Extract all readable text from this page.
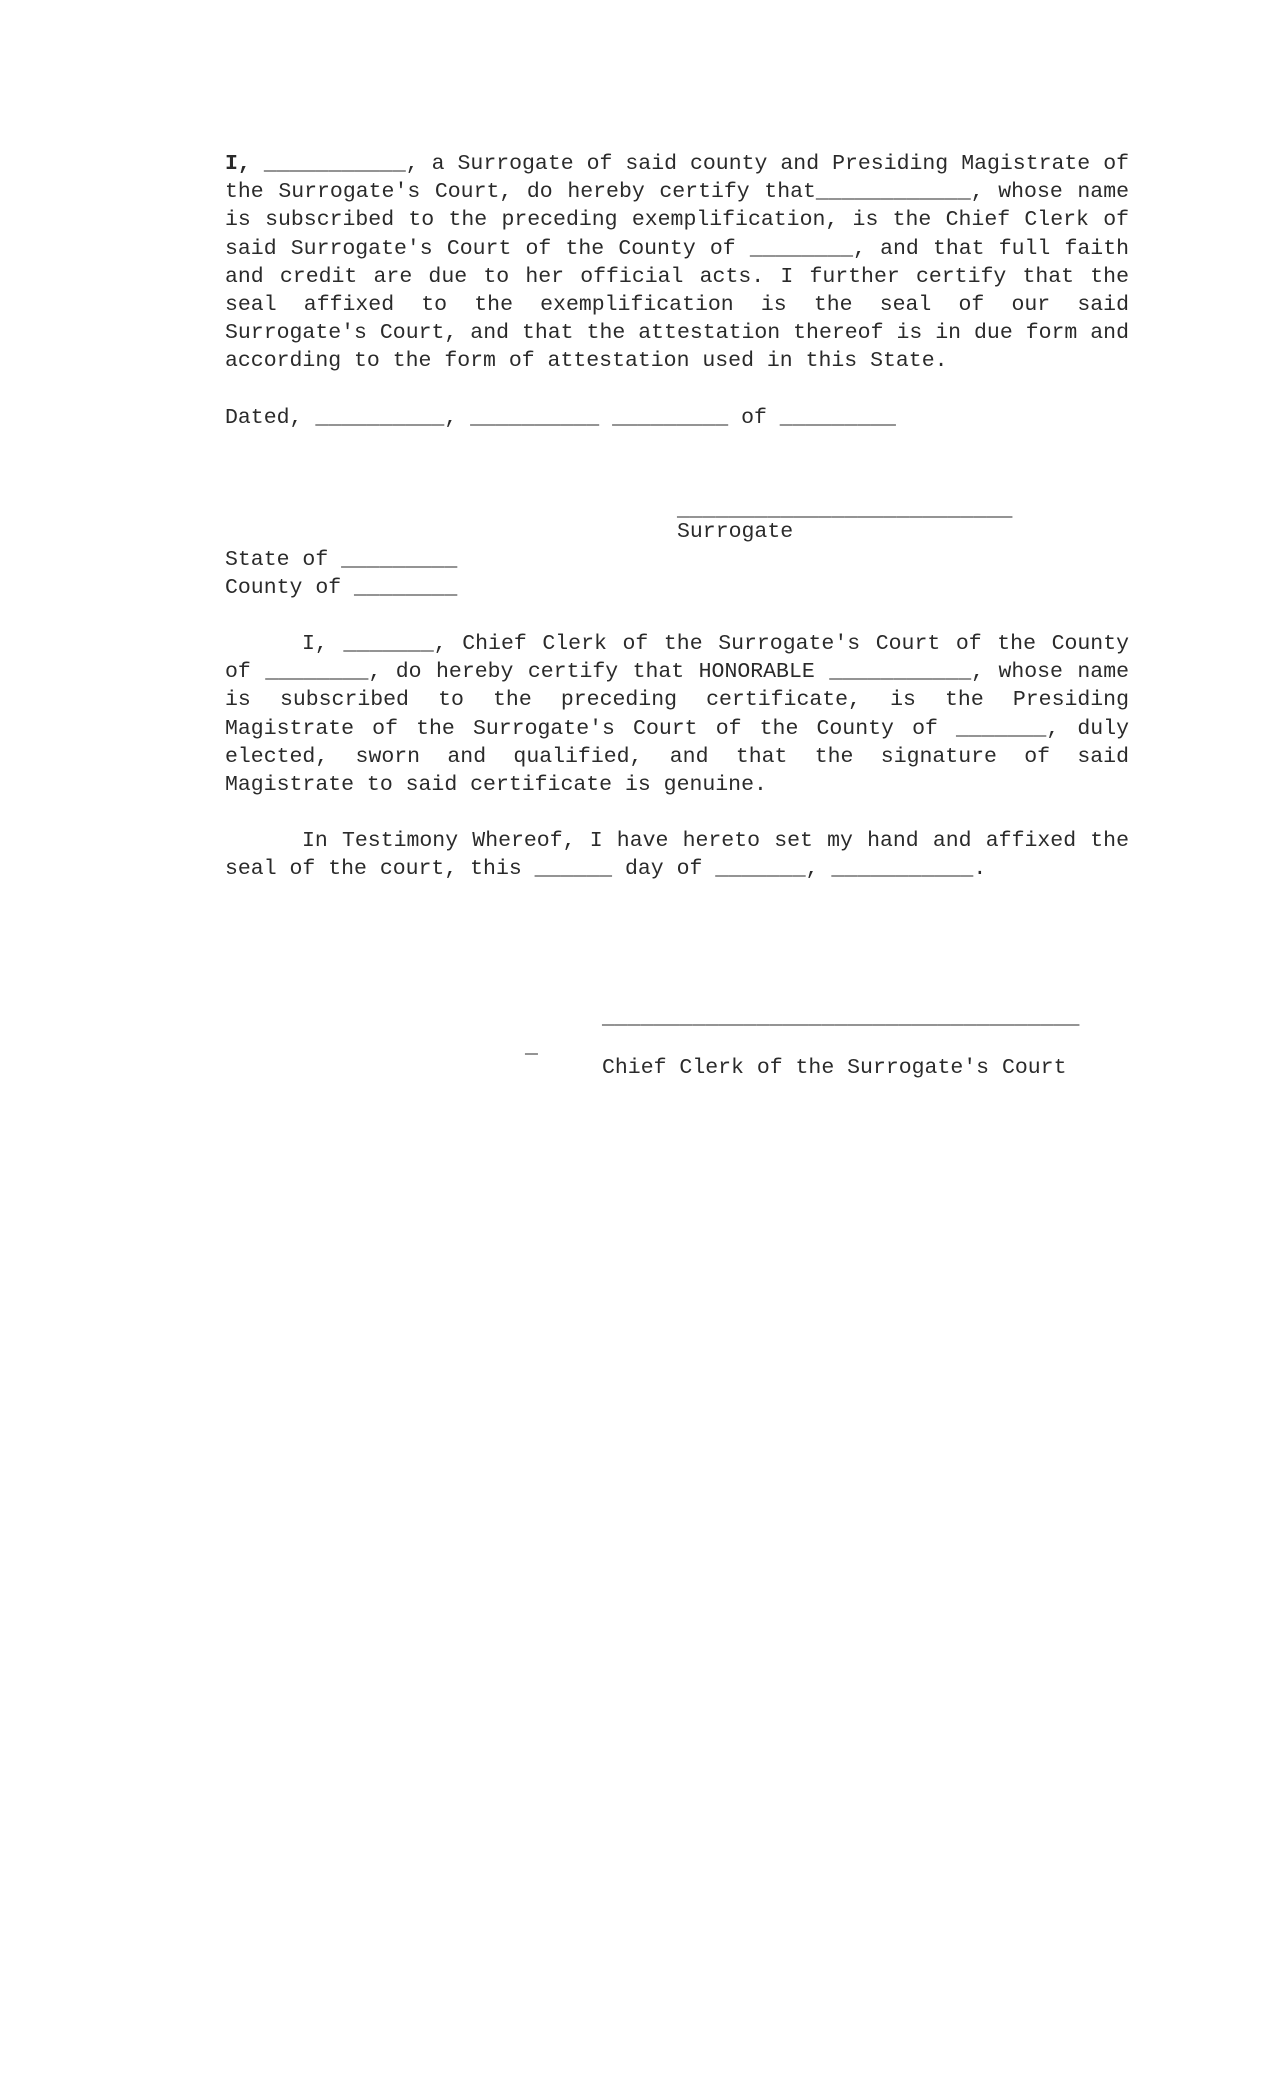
I, ___________, a Surrogate of said county and Presiding Magistrate of the Surrogate's Court, do hereby certify that____________, whose name is subscribed to the preceding exemplification, is the Chief Clerk of said Surrogate's Court of the County of ________, and that full faith and credit are due to her official acts. I further certify that the seal affixed to the exemplification is the seal of our said Surrogate's Court, and that the attestation thereof is in due form and according to the form of attestation used in this State.

Dated, __________, __________ _________ of _________
__________________________
Surrogate
State of _________
County of ________

I, _______, Chief Clerk of the Surrogate's Court of the County of ________, do hereby certify that HONORABLE ___________, whose name is subscribed to the preceding certificate, is the Presiding Magistrate of the Surrogate's Court of the County of _______, duly elected, sworn and qualified, and that the signature of said Magistrate to said certificate is genuine.

In Testimony Whereof, I have hereto set my hand and affixed the seal of the court, this ______ day of _______, ___________.

_____________________________________
_
Chief Clerk of the Surrogate's Court
